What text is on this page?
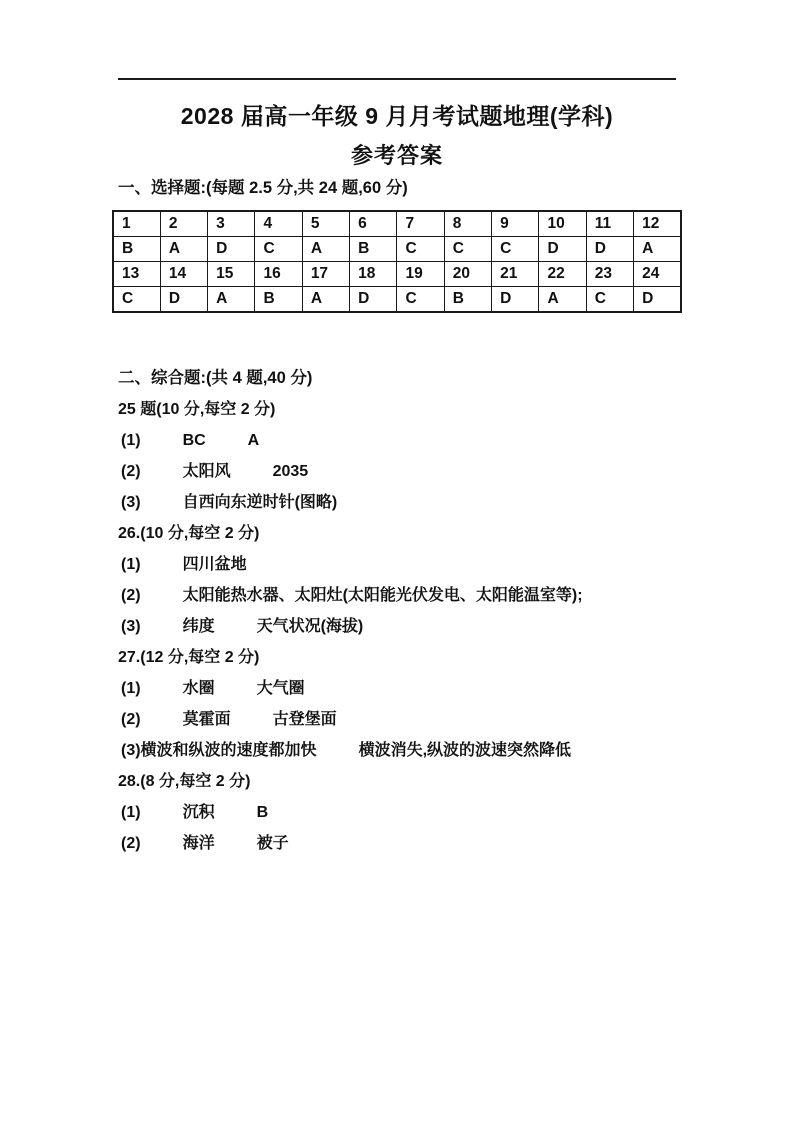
2028 届高一年级 9 月月考试题地理(学科)
参考答案
一、选择题:(每题 2.5 分,共 24 题,60 分)
1	2	3	4	5	6	7	8	9	10	11	12
B	A	D	C	A	B	C	C	C	D	D	A
13	14	15	16	17	18	19	20	21	22	23	24
C	D	A	B	A	D	C	B	D	A	C	D
二、综合题:(共 4 题,40 分)
25 题(10 分,每空 2 分)
(1)	BC	A
(2)	太阳风	2035
(3)	自西向东逆时针(图略)
26.(10 分,每空 2 分)
(1)	四川盆地
(2)	太阳能热水器、太阳灶(太阳能光伏发电、太阳能温室等);
(3)	纬度	天气状况(海拔)
27.(12 分,每空 2 分)
(1)	水圈	大气圈
(2)	莫霍面	古登堡面
(3)横波和纵波的速度都加快	横波消失,纵波的波速突然降低
28.(8 分,每空 2 分)
(1)	沉积	B
(2)	海洋	被子
